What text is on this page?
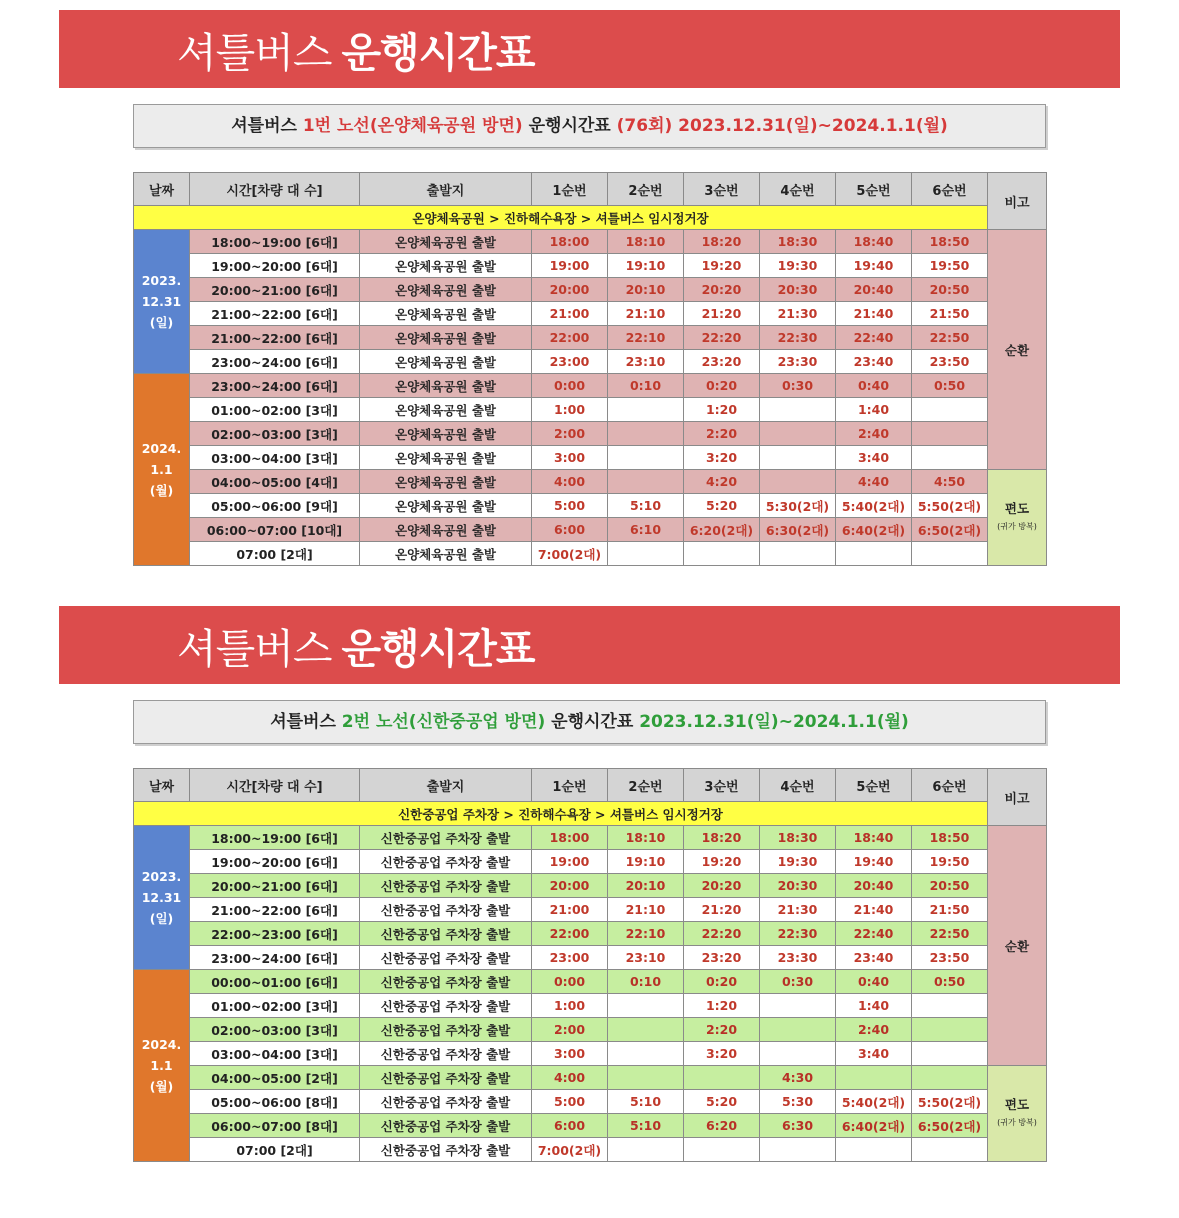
셔틀버스 운행시간표
셔틀버스 1번 노선(온양체육공원 방면) 운행시간표 (76회) 2023.12.31(일)~2024.1.1(월)
날짜	시간[차량 대 수]	출발지	1순번	2순번	3순번	4순번	5순번	6순번	비고
온양체육공원 > 진하해수욕장 > 셔틀버스 임시정거장									

2023.
12.31
(일)	18:00~19:00 [6대]	온양체육공원 출발	18:00	18:10	18:20	18:30	18:40	18:50	순환
	19:00~20:00 [6대]	온양체육공원 출발	19:00	19:10	19:20	19:30	19:40	19:50	
	20:00~21:00 [6대]	온양체육공원 출발	20:00	20:10	20:20	20:30	20:40	20:50	
	21:00~22:00 [6대]	온양체육공원 출발	21:00	21:10	21:20	21:30	21:40	21:50	
	21:00~22:00 [6대]	온양체육공원 출발	22:00	22:10	22:20	22:30	22:40	22:50	
	23:00~24:00 [6대]	온양체육공원 출발	23:00	23:10	23:20	23:30	23:40	23:50	

2024.
1.1
(월)	23:00~24:00 [6대]	온양체육공원 출발	0:00	0:10	0:20	0:30	0:40	0:50	
	01:00~02:00 [3대]	온양체육공원 출발	1:00		1:20		1:40		
	02:00~03:00 [3대]	온양체육공원 출발	2:00		2:20		2:40		
	03:00~04:00 [3대]	온양체육공원 출발	3:00		3:20		3:40		
	04:00~05:00 [4대]	온양체육공원 출발	4:00		4:20		4:40	4:50	편도
(귀가 방복)

	05:00~06:00 [9대]	온양체육공원 출발	5:00	5:10	5:20	5:30(2대)	5:40(2대)	5:50(2대)	
	06:00~07:00 [10대]	온양체육공원 출발	6:00	6:10	6:20(2대)	6:30(2대)	6:40(2대)	6:50(2대)	
	07:00 [2대]	온양체육공원 출발	7:00(2대)						
셔틀버스 운행시간표
셔틀버스 2번 노선(신한중공업 방면) 운행시간표 2023.12.31(일)~2024.1.1(월)
날짜	시간[차량 대 수]	출발지	1순번	2순번	3순번	4순번	5순번	6순번	비고
신한중공업 주차장 > 진하해수욕장 > 셔틀버스 임시정거장									

2023.
12.31
(일)	18:00~19:00 [6대]	신한중공업 주차장 출발	18:00	18:10	18:20	18:30	18:40	18:50	순환
	19:00~20:00 [6대]	신한중공업 주차장 출발	19:00	19:10	19:20	19:30	19:40	19:50	
	20:00~21:00 [6대]	신한중공업 주차장 출발	20:00	20:10	20:20	20:30	20:40	20:50	
	21:00~22:00 [6대]	신한중공업 주차장 출발	21:00	21:10	21:20	21:30	21:40	21:50	
	22:00~23:00 [6대]	신한중공업 주차장 출발	22:00	22:10	22:20	22:30	22:40	22:50	
	23:00~24:00 [6대]	신한중공업 주차장 출발	23:00	23:10	23:20	23:30	23:40	23:50	

2024.
1.1
(월)	00:00~01:00 [6대]	신한중공업 주차장 출발	0:00	0:10	0:20	0:30	0:40	0:50	
	01:00~02:00 [3대]	신한중공업 주차장 출발	1:00		1:20		1:40		
	02:00~03:00 [3대]	신한중공업 주차장 출발	2:00		2:20		2:40		
	03:00~04:00 [3대]	신한중공업 주차장 출발	3:00		3:20		3:40		
	04:00~05:00 [2대]	신한중공업 주차장 출발	4:00			4:30			편도
(귀가 방복)

	05:00~06:00 [8대]	신한중공업 주차장 출발	5:00	5:10	5:20	5:30	5:40(2대)	5:50(2대)	
	06:00~07:00 [8대]	신한중공업 주차장 출발	6:00	5:10	6:20	6:30	6:40(2대)	6:50(2대)	
	07:00 [2대]	신한중공업 주차장 출발	7:00(2대)						
